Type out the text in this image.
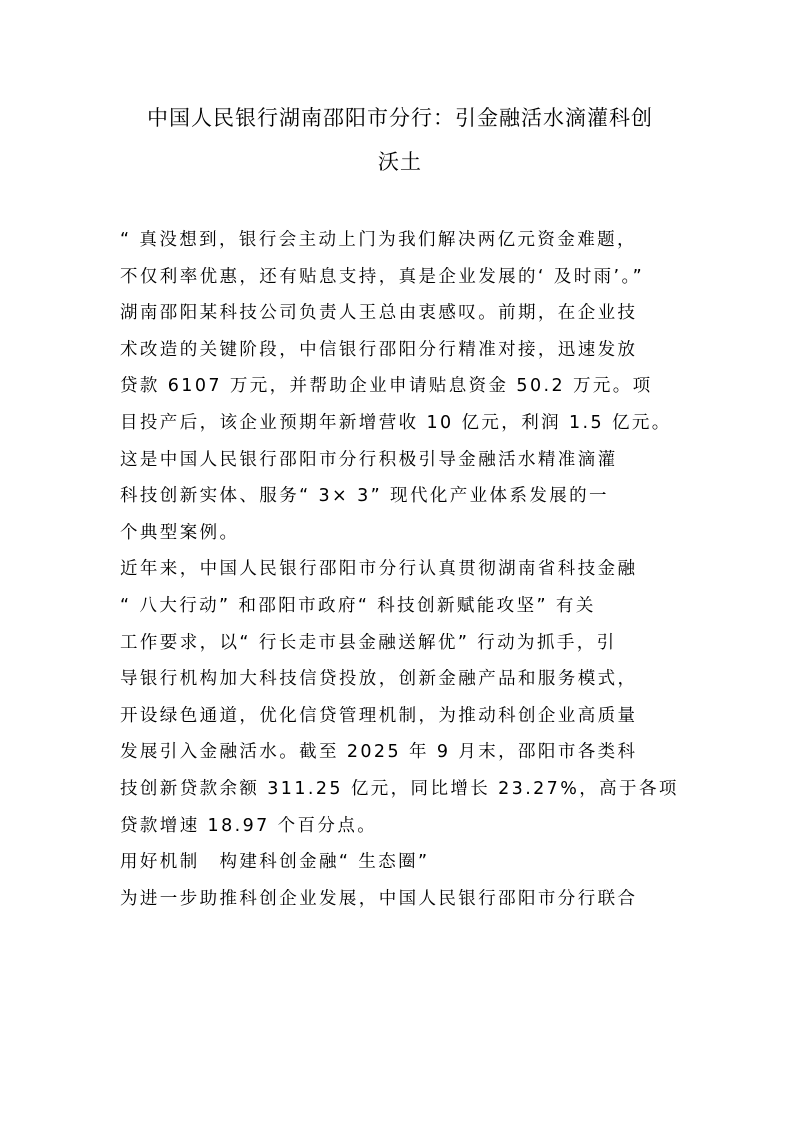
中国人民银行湖南邵阳市分行：引金融活水滴灌科创
沃土
“ 真没想到，银行会主动上门为我们解决两亿元资金难题，
不仅利率优惠，还有贴息支持，真是企业发展的‘ 及时雨’。”
湖南邵阳某科技公司负责人王总由衷感叹。前期，在企业技
术改造的关键阶段，中信银行邵阳分行精准对接，迅速发放
贷款 6107 万元，并帮助企业申请贴息资金 50.2 万元。项
目投产后，该企业预期年新增营收 10 亿元，利润 1.5 亿元。
这是中国人民银行邵阳市分行积极引导金融活水精准滴灌
科技创新实体、服务“ 3× 3” 现代化产业体系发展的一
个典型案例。
近年来，中国人民银行邵阳市分行认真贯彻湖南省科技金融
“ 八大行动” 和邵阳市政府“ 科技创新赋能攻坚” 有关
工作要求，以“ 行长走市县金融送解优” 行动为抓手，引
导银行机构加大科技信贷投放，创新金融产品和服务模式，
开设绿色通道，优化信贷管理机制，为推动科创企业高质量
发展引入金融活水。截至 2025 年 9 月末，邵阳市各类科
技创新贷款余额 311.25 亿元，同比增长 23.27%，高于各项
贷款增速 18.97 个百分点。
用好机制　构建科创金融“ 生态圈”
为进一步助推科创企业发展，中国人民银行邵阳市分行联合
